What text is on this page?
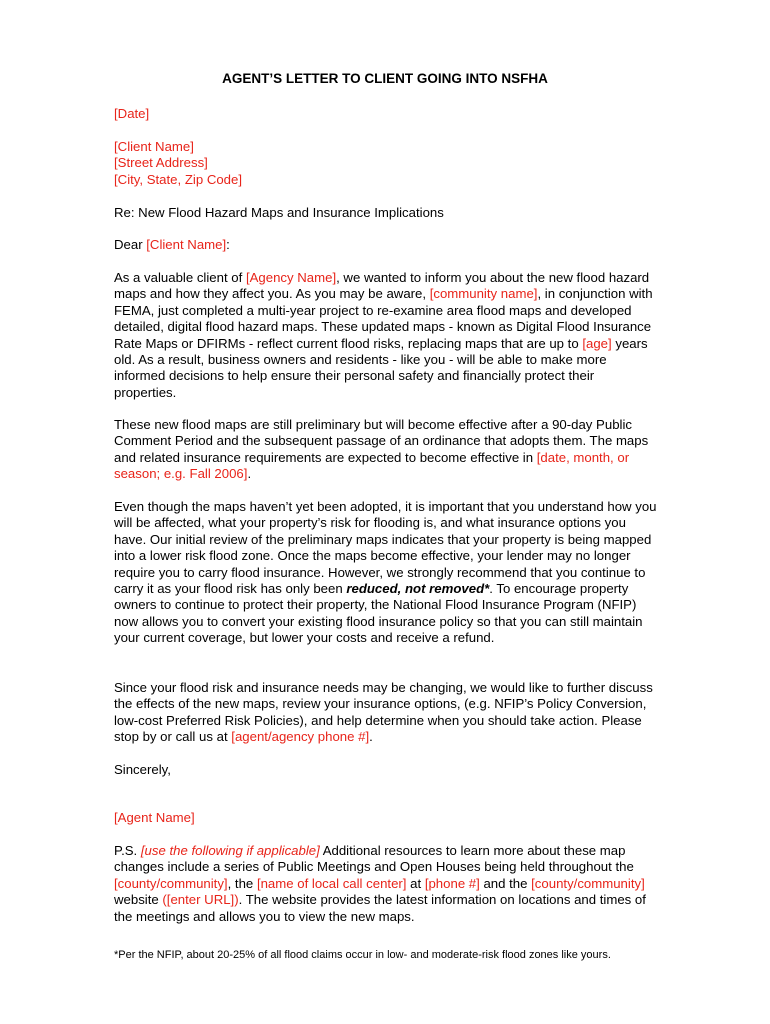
AGENT’S LETTER TO CLIENT GOING INTO NSFHA
[Date]
[Client Name]
[Street Address]
[City, State, Zip Code]
Re: New Flood Hazard Maps and Insurance Implications
Dear [Client Name]:
As a valuable client of [Agency Name], we wanted to inform you about the new flood hazard maps and how they affect you. As you may be aware, [community name], in conjunction with FEMA, just completed a multi-year project to re-examine area flood maps and developed detailed, digital flood hazard maps. These updated maps - known as Digital Flood Insurance Rate Maps or DFIRMs - reflect current flood risks, replacing maps that are up to [age] years old. As a result, business owners and residents - like you - will be able to make more informed decisions to help ensure their personal safety and financially protect their properties.
These new flood maps are still preliminary but will become effective after a 90-day Public Comment Period and the subsequent passage of an ordinance that adopts them. The maps and related insurance requirements are expected to become effective in [date, month, or season; e.g. Fall 2006].
Even though the maps haven’t yet been adopted, it is important that you understand how you will be affected, what your property’s risk for flooding is, and what insurance options you have. Our initial review of the preliminary maps indicates that your property is being mapped into a lower risk flood zone. Once the maps become effective, your lender may no longer require you to carry flood insurance. However, we strongly recommend that you continue to carry it as your flood risk has only been reduced, not removed*. To encourage property owners to continue to protect their property, the National Flood Insurance Program (NFIP) now allows you to convert your existing flood insurance policy so that you can still maintain your current coverage, but lower your costs and receive a refund.
Since your flood risk and insurance needs may be changing, we would like to further discuss the effects of the new maps, review your insurance options, (e.g. NFIP’s Policy Conversion, low-cost Preferred Risk Policies), and help determine when you should take action. Please stop by or call us at [agent/agency phone #].
Sincerely,
[Agent Name]
P.S. [use the following if applicable] Additional resources to learn more about these map changes include a series of Public Meetings and Open Houses being held throughout the [county/community], the [name of local call center] at [phone #] and the [county/community] website ([enter URL]). The website provides the latest information on locations and times of the meetings and allows you to view the new maps.
*Per the NFIP, about 20-25% of all flood claims occur in low- and moderate-risk flood zones like yours.
